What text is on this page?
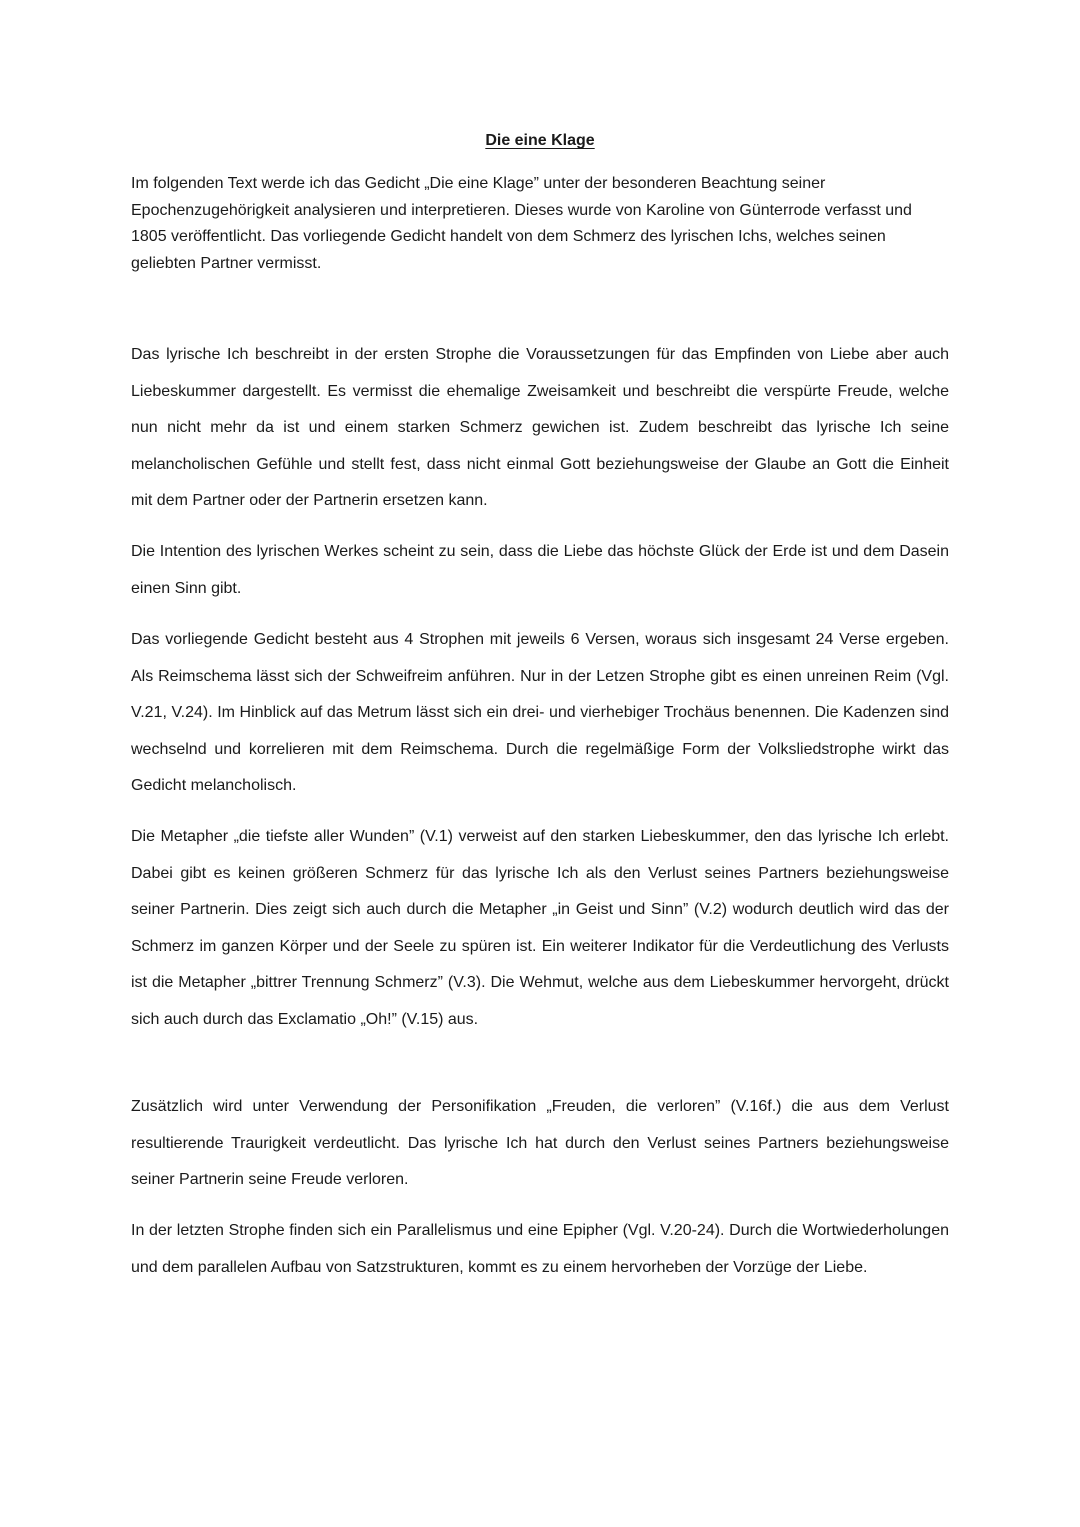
Die eine Klage

Im folgenden Text werde ich das Gedicht „Die eine Klage” unter der besonderen Beachtung seiner Epochenzugehörigkeit analysieren und interpretieren. Dieses wurde von Karoline von Günterrode verfasst und 1805 veröffentlicht. Das vorliegende Gedicht handelt von dem Schmerz des lyrischen Ichs, welches seinen geliebten Partner vermisst.

Das lyrische Ich beschreibt in der ersten Strophe die Voraussetzungen für das Empfinden von Liebe aber auch Liebeskummer dargestellt. Es vermisst die ehemalige Zweisamkeit und beschreibt die verspürte Freude, welche nun nicht mehr da ist und einem starken Schmerz gewichen ist. Zudem beschreibt das lyrische Ich seine melancholischen Gefühle und stellt fest, dass nicht einmal Gott beziehungsweise der Glaube an Gott die Einheit mit dem Partner oder der Partnerin ersetzen kann.

Die Intention des lyrischen Werkes scheint zu sein, dass die Liebe das höchste Glück der Erde ist und dem Dasein einen Sinn gibt.

Das vorliegende Gedicht besteht aus 4 Strophen mit jeweils 6 Versen, woraus sich insgesamt 24 Verse ergeben. Als Reimschema lässt sich der Schweifreim anführen. Nur in der Letzen Strophe gibt es einen unreinen Reim (Vgl. V.21, V.24). Im Hinblick auf das Metrum lässt sich ein drei- und vierhebiger Trochäus benennen. Die Kadenzen sind wechselnd und korrelieren mit dem Reimschema. Durch die regelmäßige Form der Volksliedstrophe wirkt das Gedicht melancholisch.

Die Metapher „die tiefste aller Wunden” (V.1) verweist auf den starken Liebeskummer, den das lyrische Ich erlebt. Dabei gibt es keinen größeren Schmerz für das lyrische Ich als den Verlust seines Partners beziehungsweise seiner Partnerin. Dies zeigt sich auch durch die Metapher „in Geist und Sinn” (V.2) wodurch deutlich wird das der Schmerz im ganzen Körper und der Seele zu spüren ist. Ein weiterer Indikator für die Verdeutlichung des Verlusts ist die Metapher „bittrer Trennung Schmerz” (V.3). Die Wehmut, welche aus dem Liebeskummer hervorgeht, drückt sich auch durch das Exclamatio „Oh!” (V.15) aus.

Zusätzlich wird unter Verwendung der Personifikation „Freuden, die verloren” (V.16f.) die aus dem Verlust resultierende Traurigkeit verdeutlicht. Das lyrische Ich hat durch den Verlust seines Partners beziehungsweise seiner Partnerin seine Freude verloren.

In der letzten Strophe finden sich ein Parallelismus und eine Epipher (Vgl. V.20-24). Durch die Wortwiederholungen und dem parallelen Aufbau von Satzstrukturen, kommt es zu einem hervorheben der Vorzüge der Liebe.
